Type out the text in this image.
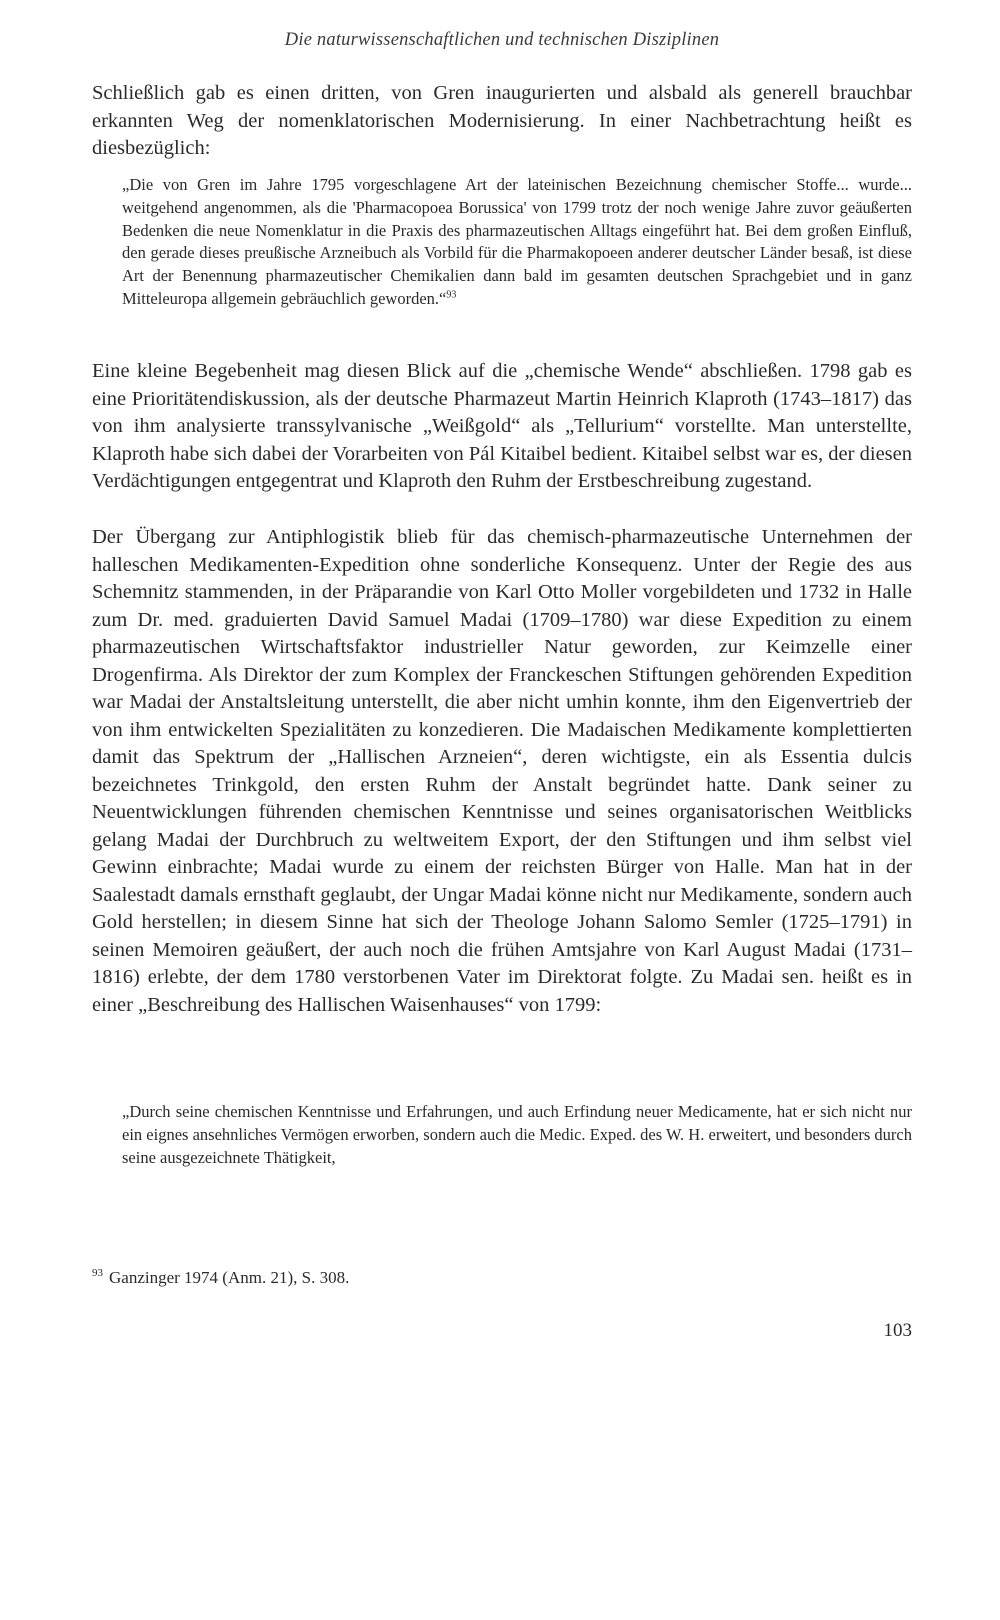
Die naturwissenschaftlichen und technischen Disziplinen

Schließlich gab es einen dritten, von Gren inaugurierten und alsbald als generell brauchbar erkannten Weg der nomenklatorischen Modernisierung. In einer Nachbetrachtung heißt es diesbezüglich:

„Die von Gren im Jahre 1795 vorgeschlagene Art der lateinischen Bezeichnung chemischer Stoffe... wurde... weitgehend angenommen, als die 'Pharmacopoea Borussica' von 1799 trotz der noch wenige Jahre zuvor geäußerten Bedenken die neue Nomenklatur in die Praxis des pharmazeutischen Alltags eingeführt hat. Bei dem großen Einfluß, den gerade dieses preußische Arzneibuch als Vorbild für die Pharmakopoeen anderer deutscher Länder besaß, ist diese Art der Benennung pharmazeutischer Chemikalien dann bald im gesamten deutschen Sprachgebiet und in ganz Mitteleuropa allgemein gebräuchlich geworden.“$^{93}$

Eine kleine Begebenheit mag diesen Blick auf die „chemische Wende“ abschließen. 1798 gab es eine Prioritätendiskussion, als der deutsche Pharmazeut Martin Heinrich Klaproth (1743–1817) das von ihm analysierte transsylvanische „Weißgold“ als „Tellurium“ vorstellte. Man unterstellte, Klaproth habe sich dabei der Vorarbeiten von Pál Kitaibel bedient. Kitaibel selbst war es, der diesen Verdächtigungen entgegentrat und Klaproth den Ruhm der Erstbeschreibung zugestand.

Der Übergang zur Antiphlogistik blieb für das chemisch-pharmazeutische Unternehmen der halleschen Medikamenten-Expedition ohne sonderliche Konsequenz. Unter der Regie des aus Schemnitz stammenden, in der Präparandie von Karl Otto Moller vorgebildeten und 1732 in Halle zum Dr. med. graduierten David Samuel Madai (1709–1780) war diese Expedition zu einem pharmazeutischen Wirtschaftsfaktor industrieller Natur geworden, zur Keimzelle einer Drogenfirma. Als Direktor der zum Komplex der Franckeschen Stiftungen gehörenden Expedition war Madai der Anstaltsleitung unterstellt, die aber nicht umhin konnte, ihm den Eigenvertrieb der von ihm entwickelten Spezialitäten zu konzedieren. Die Madaischen Medikamente komplettierten damit das Spektrum der „Hallischen Arzneien“, deren wichtigste, ein als Essentia dulcis bezeichnetes Trinkgold, den ersten Ruhm der Anstalt begründet hatte. Dank seiner zu Neuentwicklungen führenden chemischen Kenntnisse und seines organisatorischen Weitblicks gelang Madai der Durchbruch zu weltweitem Export, der den Stiftungen und ihm selbst viel Gewinn einbrachte; Madai wurde zu einem der reichsten Bürger von Halle. Man hat in der Saalestadt damals ernsthaft geglaubt, der Ungar Madai könne nicht nur Medikamente, sondern auch Gold herstellen; in diesem Sinne hat sich der Theologe Johann Salomo Semler (1725–1791) in seinen Memoiren geäußert, der auch noch die frühen Amtsjahre von Karl August Madai (1731–1816) erlebte, der dem 1780 verstorbenen Vater im Direktorat folgte. Zu Madai sen. heißt es in einer „Beschreibung des Hallischen Waisenhauses“ von 1799:

„Durch seine chemischen Kenntnisse und Erfahrungen, und auch Erfindung neuer Medicamente, hat er sich nicht nur ein eignes ansehnliches Vermögen erworben, sondern auch die Medic. Exped. des W. H. erweitert, und besonders durch seine ausgezeichnete Thätigkeit,

$^{93}$ Ganzinger 1974 (Anm. 21), S. 308.
103
